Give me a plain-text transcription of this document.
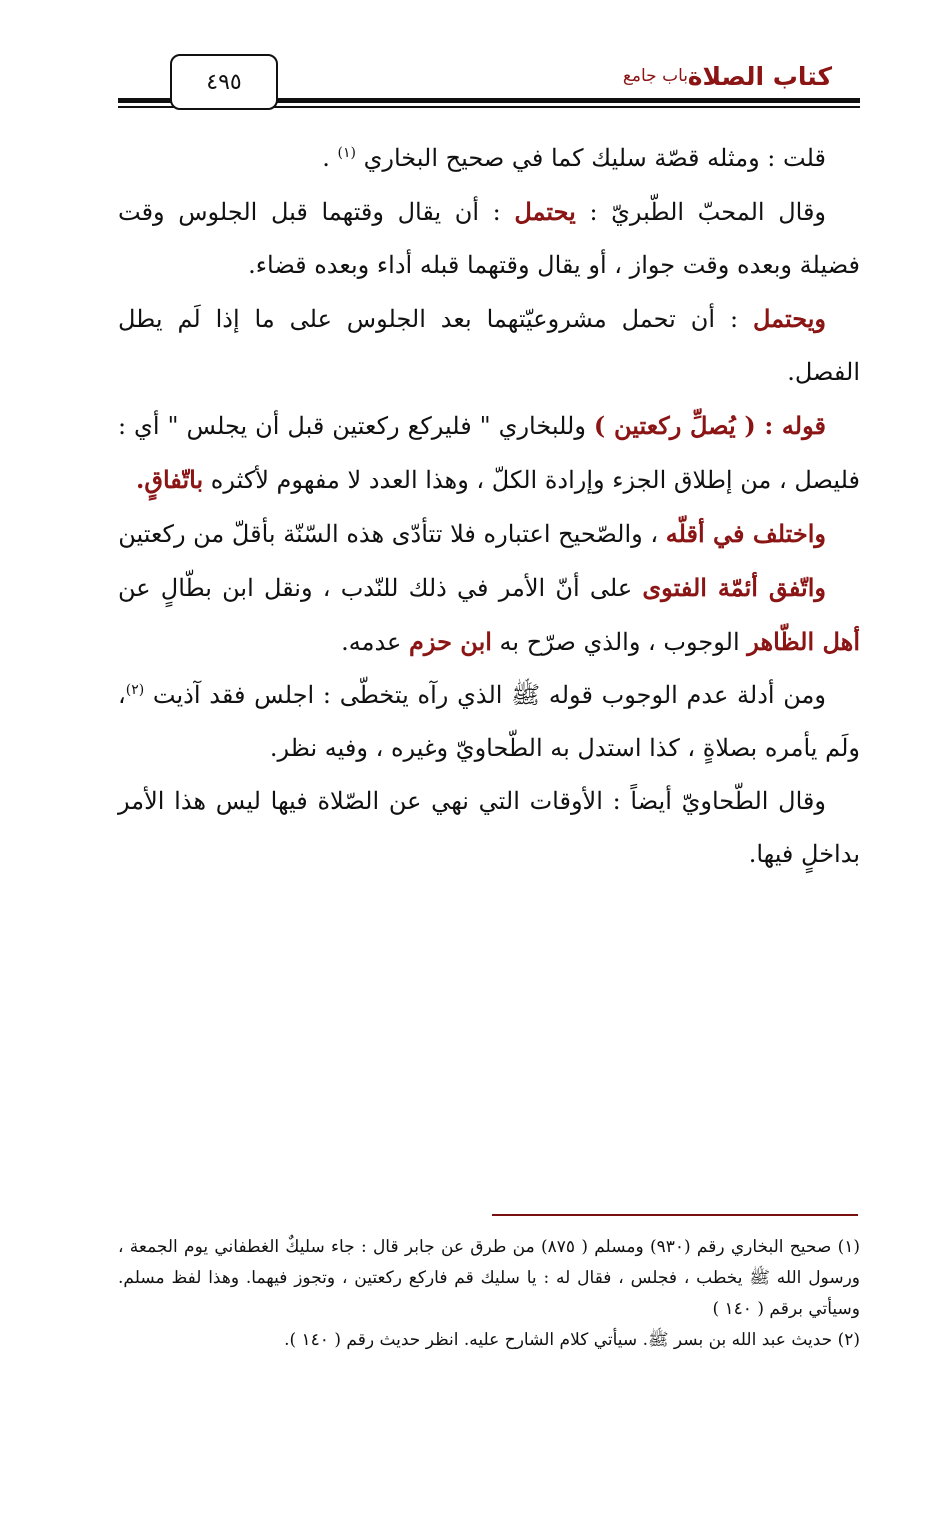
٤٩٥	كتاب الصلاة
باب جامع

قلت : ومثله قصّة سليك كما في صحيح البخاري $^{(١)}$ .

وقال المحبّ الطّبريّ : يحتمل : أن يقال وقتهما قبل الجلوس وقت فضيلة وبعده وقت جواز ، أو يقال وقتهما قبله أداء وبعده قضاء.

ويحتمل : أن تحمل مشروعيّتهما بعد الجلوس على ما إذا لَم يطل الفصل.

قوله : ( يُصلِّ ركعتين ) وللبخاري " فليركع ركعتين قبل أن يجلس " أي : فليصل ، من إطلاق الجزء وإرادة الكلّ ، وهذا العدد لا مفهوم لأكثره باتّفاقٍ.

واختلف في أقلّه ، والصّحيح اعتباره فلا تتأدّى هذه السّنّة بأقلّ من ركعتين

واتّفق أئمّة الفتوى على أنّ الأمر في ذلك للنّدب ، ونقل ابن بطّالٍ عن أهل الظّاهر الوجوب ، والذي صرّح به ابن حزم عدمه.

ومن أدلة عدم الوجوب قوله ﷺ الذي رآه يتخطّى : اجلس فقد آذيت $^{(٢)}$، ولَم يأمره بصلاةٍ ، كذا استدل به الطّحاويّ وغيره ، وفيه نظر.

وقال الطّحاويّ أيضاً : الأوقات التي نهي عن الصّلاة فيها ليس هذا الأمر بداخلٍ فيها.

(١) صحيح البخاري رقم (٩٣٠) ومسلم ( ٨٧٥) من طرق عن جابر قال : جاء سليكٌ الغطفاني يوم الجمعة ، ورسول الله ﷺ يخطب ، فجلس ، فقال له : يا سليك قم فاركع ركعتين ، وتجوز فيهما. وهذا لفظ مسلم. وسيأتي برقم ( ١٤٠ )

(٢) حديث عبد الله بن بسر ﷺ. سيأتي كلام الشارح عليه. انظر حديث رقم ( ١٤٠ ).
